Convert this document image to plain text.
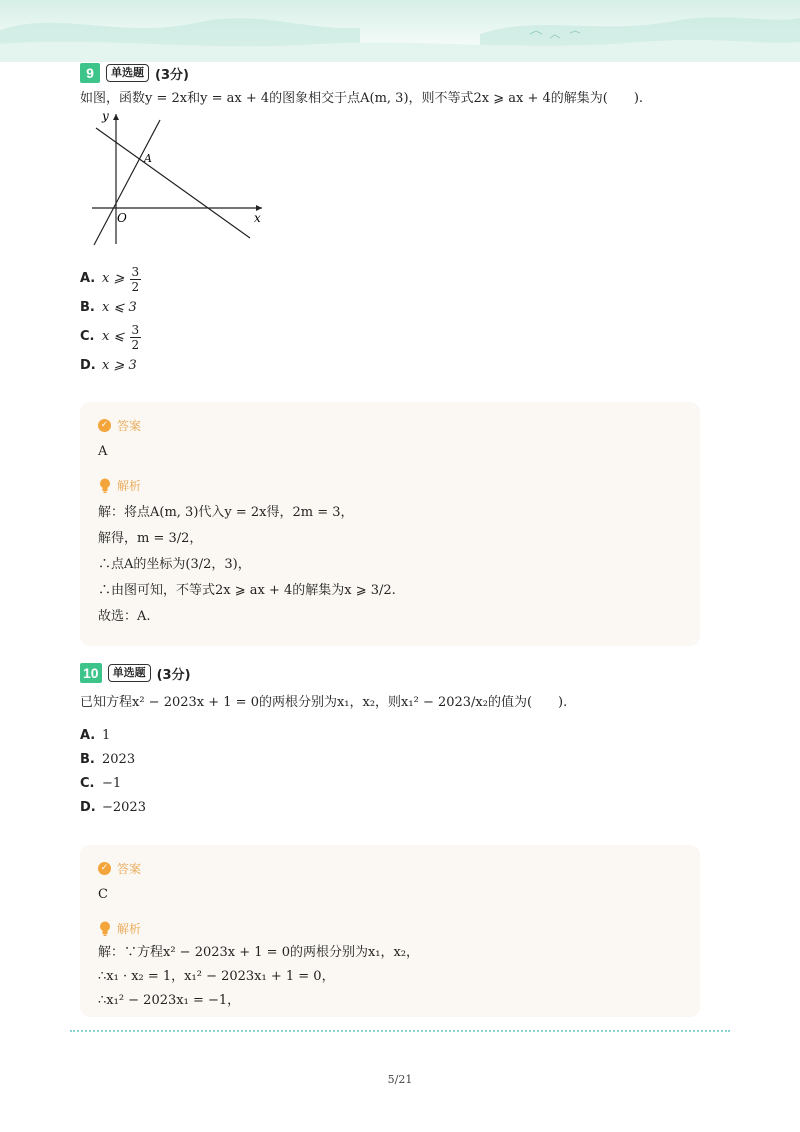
9	单选题 (3分)
如图，函数y = 2x和y = ax + 4的图象相交于点A(m, 3)，则不等式2x ⩾ ax + 4的解集为(　　).
y
x
O
A
A. x ⩾
$\frac{3}{2}$
B. x ⩽ 3
C. x ⩽
$\frac{3}{2}$
D. x ⩾ 3
✓ 答案
A
解析
解：将点A(m, 3)代入y = 2x得，2m = 3，
解得，m = 3/2，
∴点A的坐标为(3/2，3)，
∴由图可知，不等式2x ⩾ ax + 4的解集为x ⩾ 3/2.
故选：A.
10	单选题 (3分)
已知方程x² − 2023x + 1 = 0的两根分别为x₁，x₂，则x₁² − 2023/x₂的值为(　　).
A. 1
B. 2023
C. −1
D. −2023
✓ 答案
C
解析
解：∵方程x² − 2023x + 1 = 0的两根分别为x₁，x₂，
∴x₁ · x₂ = 1，x₁² − 2023x₁ + 1 = 0，
∴x₁² − 2023x₁ = −1，
5/21
